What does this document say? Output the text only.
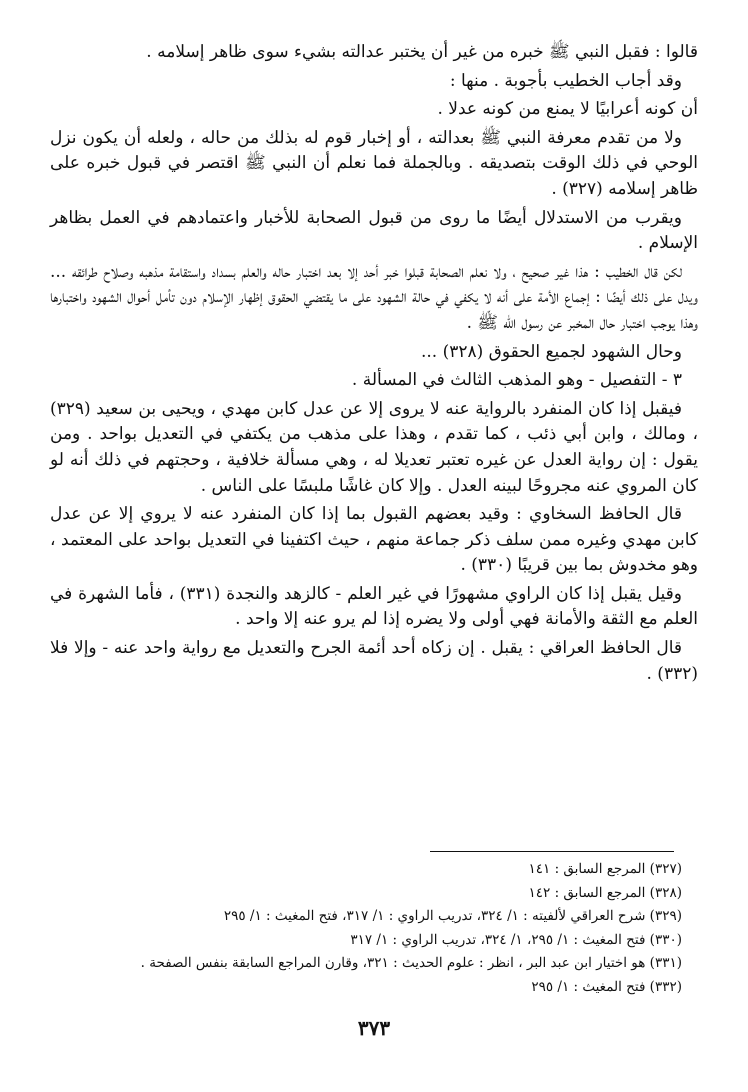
قالوا : فقبل النبي ﷺ خبره من غير أن يختبر عدالته بشيء سوى ظاهر إسلامه .

وقد أجاب الخطيب بأجوبة . منها :

أن كونه أعرابيًا لا يمنع من كونه عدلا .

ولا من تقدم معرفة النبي ﷺ بعدالته ، أو إخبار قوم له بذلك من حاله ، ولعله أن يكون نزل الوحي في ذلك الوقت بتصديقه . وبالجملة فما نعلم أن النبي ﷺ اقتصر في قبول خبره على ظاهر إسلامه (٣٢٧) .

ويقرب من الاستدلال أيضًا ما روى من قبول الصحابة للأخبار واعتمادهم في العمل بظاهر الإسلام .

لكن قال الخطيب : هذا غير صحيح ، ولا نعلم الصحابة قبلوا خبر أحد إلا بعد اختبار حاله والعلم بسداد واستقامة مذهبه وصلاح طرائقه ... ويدل على ذلك أيضًا : إجماع الأمة على أنه لا يكفي في حالة الشهود على ما يقتضي الحقوق إظهار الإسلام دون تأمل أحوال الشهود واختبارها وهذا يوجب اختبار حال المخبر عن رسول الله ﷺ .

وحال الشهود لجميع الحقوق (٣٢٨) ...

٣ - التفصيل - وهو المذهب الثالث في المسألة .

فيقبل إذا كان المنفرد بالرواية عنه لا يروى إلا عن عدل كابن مهدي ، ويحيى بن سعيد (٣٢٩) ، ومالك ، وابن أبي ذئب ، كما تقدم ، وهذا على مذهب من يكتفي في التعديل بواحد . ومن يقول : إن رواية العدل عن غيره تعتبر تعديلا له ، وهي مسألة خلافية ، وحجتهم في ذلك أنه لو كان المروي عنه مجروحًا لبينه العدل . وإلا كان غاشًا ملبسًا على الناس .

قال الحافظ السخاوي : وقيد بعضهم القبول بما إذا كان المنفرد عنه لا يروي إلا عن عدل كابن مهدي وغيره ممن سلف ذكر جماعة منهم ، حيث اكتفينا في التعديل بواحد على المعتمد ، وهو مخدوش بما بين قريبًا (٣٣٠) .

وقيل يقبل إذا كان الراوي مشهورًا في غير العلم - كالزهد والنجدة (٣٣١) ، فأما الشهرة في العلم مع الثقة والأمانة فهي أولى ولا يضره إذا لم يرو عنه إلا واحد .

قال الحافظ العراقي : يقبل . إن زكاه أحد أئمة الجرح والتعديل مع رواية واحد عنه - وإلا فلا (٣٣٢) .

(٣٢٧) المرجع السابق : ١٤١
(٣٢٨) المرجع السابق : ١٤٢
(٣٢٩) شرح العراقي لألفيته : ١/ ٣٢٤، تدريب الراوي : ١/ ٣١٧، فتح المغيث : ١/ ٢٩٥
(٣٣٠) فتح المغيث : ١/ ٢٩٥، ١/ ٣٢٤، تدريب الراوي : ١/ ٣١٧
(٣٣١) هو اختيار ابن عبد البر ، انظر : علوم الحديث : ٣٢١، وقارن المراجع السابقة بنفس الصفحة .
(٣٣٢) فتح المغيث : ١/ ٢٩٥
٣٧٣
